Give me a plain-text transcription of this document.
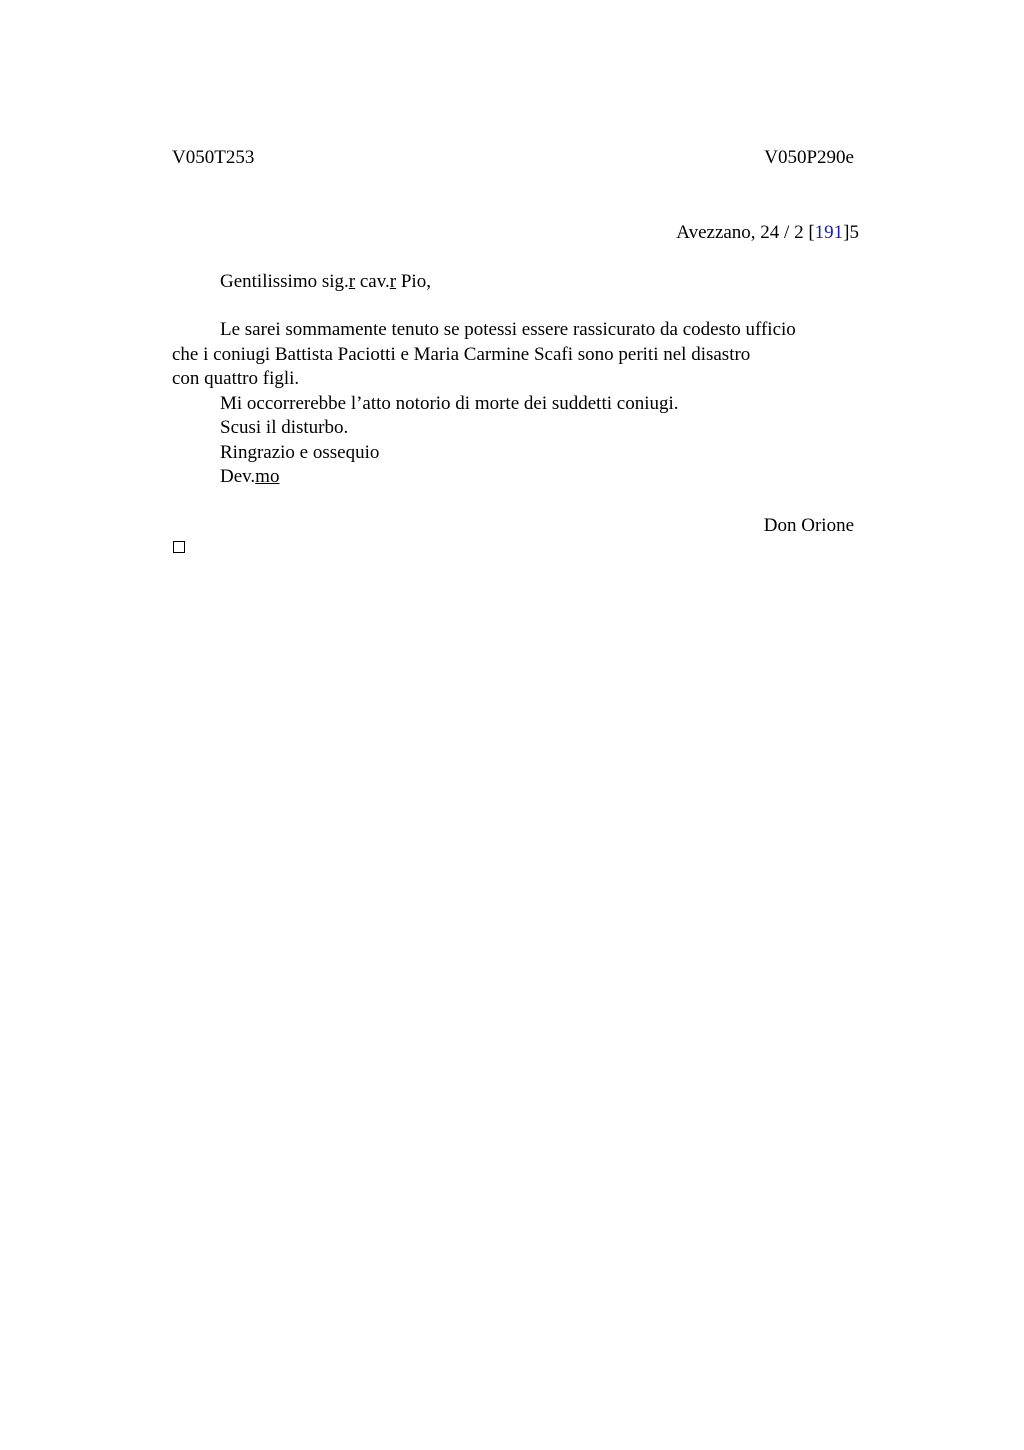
V050T253	V050P290e
Avezzano, 24 / 2 [191]5
Gentilissimo sig.r cav.r Pio,

Le sarei sommamente tenuto se potessi essere rassicurato da codesto ufficio

che i coniugi Battista Paciotti e Maria Carmine Scafi sono periti nel disastro

con quattro figli.

Mi occorrerebbe l’atto notorio di morte dei suddetti coniugi.

Scusi il disturbo.

Ringrazio e ossequio

Dev.mo

Don Orione
